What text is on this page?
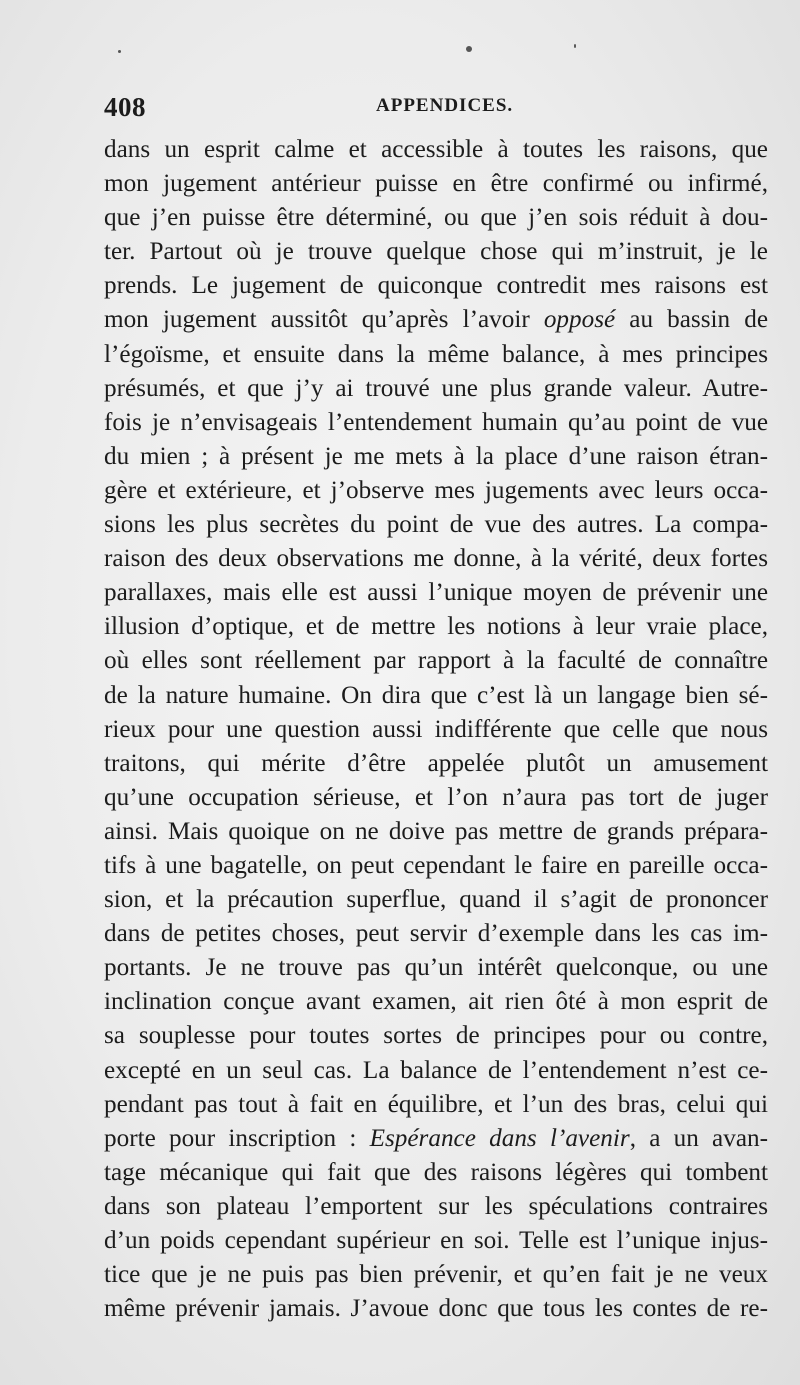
408	APPENDICES.
dans un esprit calme et accessible à toutes les raisons, que
mon jugement antérieur puisse en être confirmé ou infirmé,
que j’en puisse être déterminé, ou que j’en sois réduit à dou-
ter. Partout où je trouve quelque chose qui m’instruit, je le
prends. Le jugement de quiconque contredit mes raisons est
mon jugement aussitôt qu’après l’avoir opposé au bassin de
l’égoïsme, et ensuite dans la même balance, à mes principes
présumés, et que j’y ai trouvé une plus grande valeur. Autre-
fois je n’envisageais l’entendement humain qu’au point de vue
du mien ; à présent je me mets à la place d’une raison étran-
gère et extérieure, et j’observe mes jugements avec leurs occa-
sions les plus secrètes du point de vue des autres. La compa-
raison des deux observations me donne, à la vérité, deux fortes
parallaxes, mais elle est aussi l’unique moyen de prévenir une
illusion d’optique, et de mettre les notions à leur vraie place,
où elles sont réellement par rapport à la faculté de connaître
de la nature humaine. On dira que c’est là un langage bien sé-
rieux pour une question aussi indifférente que celle que nous
traitons, qui mérite d’être appelée plutôt un amusement
qu’une occupation sérieuse, et l’on n’aura pas tort de juger
ainsi. Mais quoique on ne doive pas mettre de grands prépara-
tifs à une bagatelle, on peut cependant le faire en pareille occa-
sion, et la précaution superflue, quand il s’agit de prononcer
dans de petites choses, peut servir d’exemple dans les cas im-
portants. Je ne trouve pas qu’un intérêt quelconque, ou une
inclination conçue avant examen, ait rien ôté à mon esprit de
sa souplesse pour toutes sortes de principes pour ou contre,
excepté en un seul cas. La balance de l’entendement n’est ce-
pendant pas tout à fait en équilibre, et l’un des bras, celui qui
porte pour inscription : Espérance dans l’avenir, a un avan-
tage mécanique qui fait que des raisons légères qui tombent
dans son plateau l’emportent sur les spéculations contraires
d’un poids cependant supérieur en soi. Telle est l’unique injus-
tice que je ne puis pas bien prévenir, et qu’en fait je ne veux
même prévenir jamais. J’avoue donc que tous les contes de re-
